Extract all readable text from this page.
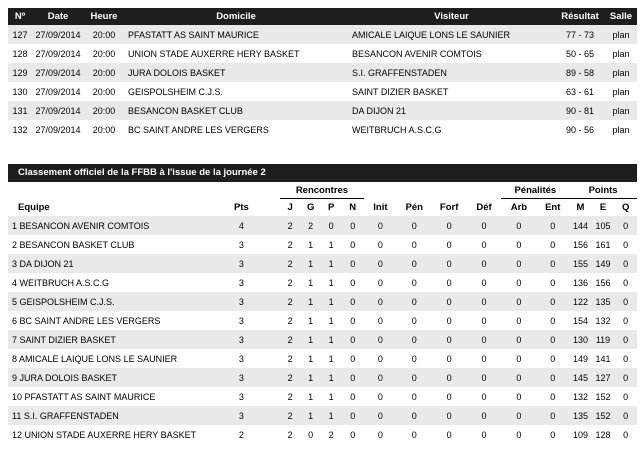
Nº	Date	Heure	Domicile	Visiteur	Résultat	Salle
127	27/09/2014	20:00	PFASTATT AS SAINT MAURICE	AMICALE LAIQUE LONS LE SAUNIER	77 - 73	plan
128	27/09/2014	20:00	UNION STADE AUXERRE HERY BASKET	BESANCON AVENIR COMTOIS	50 - 65	plan
129	27/09/2014	20:00	JURA DOLOIS BASKET	S.I. GRAFFENSTADEN	89 - 58	plan
130	27/09/2014	20:00	GEISPOLSHEIM C.J.S.	SAINT DIZIER BASKET	63 - 61	plan
131	27/09/2014	20:00	BESANCON BASKET CLUB	DA DIJON 21	90 - 81	plan
132	27/09/2014	20:00	BC SAINT ANDRE LES VERGERS	WEITBRUCH A.S.C.G	90 - 56	plan
Classement officiel de la FFBB à l'issue de la journée 2
		Rencontres								Pénalités		Points		
Equipe	Pts	J	G	P	N	Init	Pén	Forf	Déf	Arb	Ent	M	E	Q
1 BESANCON AVENIR COMTOIS	4	2	2	0	0	0	0	0	0	0	0	144	105	0
2 BESANCON BASKET CLUB	3	2	1	1	0	0	0	0	0	0	0	156	161	0
3 DA DIJON 21	3	2	1	1	0	0	0	0	0	0	0	155	149	0
4 WEITBRUCH A.S.C.G	3	2	1	1	0	0	0	0	0	0	0	136	156	0
5 GEISPOLSHEIM C.J.S.	3	2	1	1	0	0	0	0	0	0	0	122	135	0
6 BC SAINT ANDRE LES VERGERS	3	2	1	1	0	0	0	0	0	0	0	154	132	0
7 SAINT DIZIER BASKET	3	2	1	1	0	0	0	0	0	0	0	130	119	0
8 AMICALE LAIQUE LONS LE SAUNIER	3	2	1	1	0	0	0	0	0	0	0	149	141	0
9 JURA DOLOIS BASKET	3	2	1	1	0	0	0	0	0	0	0	145	127	0
10 PFASTATT AS SAINT MAURICE	3	2	1	1	0	0	0	0	0	0	0	132	152	0
11 S.I. GRAFFENSTADEN	3	2	1	1	0	0	0	0	0	0	0	135	152	0
12 UNION STADE AUXERRE HERY BASKET	2	2	0	2	0	0	0	0	0	0	0	109	128	0
